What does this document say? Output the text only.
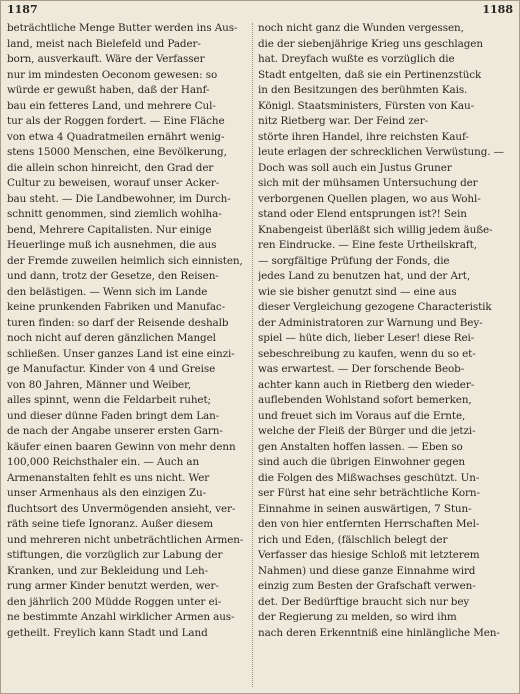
1187	1188
beträchtliche Menge Butter werden ins Aus-
land, meist nach Bielefeld und Pader-
born, ausverkauft. Wäre der Verfasser
nur im mindesten Oeconom gewesen: so
würde er gewußt haben, daß der Hanf-
bau ein fetteres Land, und mehrere Cul-
tur als der Roggen fordert. — Eine Fläche
von etwa 4 Quadratmeilen ernährt wenig-
stens 15000 Menschen, eine Bevölkerung,
die allein schon hinreicht, den Grad der
Cultur zu beweisen, worauf unser Acker-
bau steht. — Die Landbewohner, im Durch-
schnitt genommen, sind ziemlich wohlha-
bend, Mehrere Capitalisten. Nur einige
Heuerlinge muß ich ausnehmen, die aus
der Fremde zuweilen heimlich sich einnisten,
und dann, trotz der Gesetze, den Reisen-
den belästigen. — Wenn sich im Lande
keine prunkenden Fabriken und Manufac-
turen finden: so darf der Reisende deshalb
noch nicht auf deren gänzlichen Mangel
schließen. Unser ganzes Land ist eine einzi-
ge Manufactur. Kinder von 4 und Greise
von 80 Jahren, Männer und Weiber,
alles spinnt, wenn die Feldarbeit ruhet;
und dieser dünne Faden bringt dem Lan-
de nach der Angabe unserer ersten Garn-
käufer einen baaren Gewinn von mehr denn
100,000 Reichsthaler ein. — Auch an
Armenanstalten fehlt es uns nicht. Wer
unser Armenhaus als den einzigen Zu-
fluchtsort des Unvermögenden ansieht, ver-
räth seine tiefe Ignoranz. Außer diesem
und mehreren nicht unbeträchtlichen Armen-
stiftungen, die vorzüglich zur Labung der
Kranken, und zur Bekleidung und Leh-
rung armer Kinder benutzt werden, wer-
den jährlich 200 Müdde Roggen unter ei-
ne bestimmte Anzahl wirklicher Armen aus-
getheilt. Freylich kann Stadt und Land
noch nicht ganz die Wunden vergessen,
die der siebenjährige Krieg uns geschlagen
hat. Dreyfach wußte es vorzüglich die
Stadt entgelten, daß sie ein Pertinenzstück
in den Besitzungen des berühmten Kais.
Königl. Staatsministers, Fürsten von Kau-
nitz Rietberg war. Der Feind zer-
störte ihren Handel, ihre reichsten Kauf-
leute erlagen der schrecklichen Verwüstung. —
Doch was soll auch ein Justus Gruner
sich mit der mühsamen Untersuchung der
verborgenen Quellen plagen, wo aus Wohl-
stand oder Elend entsprungen ist?! Sein
Knabengeist überläßt sich willig jedem äuße-
ren Eindrucke. — Eine feste Urtheilskraft,
— sorgfältige Prüfung der Fonds, die
jedes Land zu benutzen hat, und der Art,
wie sie bisher genutzt sind — eine aus
dieser Vergleichung gezogene Characteristik
der Administratoren zur Warnung und Bey-
spiel — hüte dich, lieber Leser! diese Rei-
sebeschreibung zu kaufen, wenn du so et-
was erwartest. — Der forschende Beob-
achter kann auch in Rietberg den wieder-
auflebenden Wohlstand sofort bemerken,
und freuet sich im Voraus auf die Ernte,
welche der Fleiß der Bürger und die jetzi-
gen Anstalten hoffen lassen. — Eben so
sind auch die übrigen Einwohner gegen
die Folgen des Mißwachses geschützt. Un-
ser Fürst hat eine sehr beträchtliche Korn-
Einnahme in seinen auswärtigen, 7 Stun-
den von hier entfernten Herrschaften Mel-
rich und Eden, (fälschlich belegt der
Verfasser das hiesige Schloß mit letzterem
Nahmen) und diese ganze Einnahme wird
einzig zum Besten der Grafschaft verwen-
det. Der Bedürftige braucht sich nur bey
der Regierung zu melden, so wird ihm
nach deren Erkenntniß eine hinlängliche Men-
